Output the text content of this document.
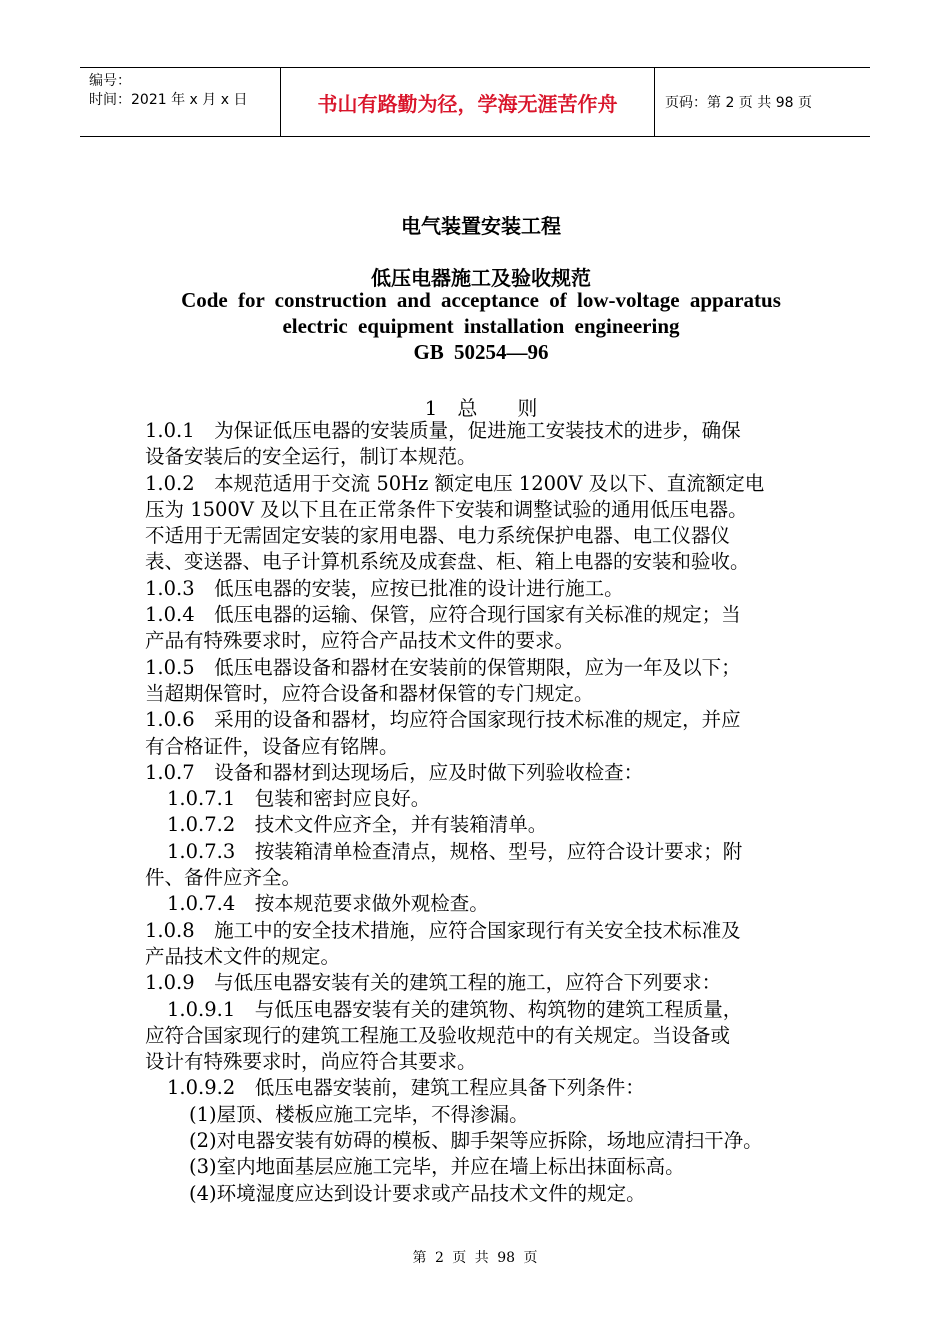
编号：
时间：2021 年 x 月 x 日	书山有路勤为径，学海无涯苦作舟	页码：第 2 页 共 98 页
电气装置安装工程
低压电器施工及验收规范
Code for construction and acceptance of low-voltage apparatus
electric equipment installation engineering
GB 50254—96
1　总　　则

1.0.1　为保证低压电器的安装质量，促进施工安装技术的进步，确保

设备安装后的安全运行，制订本规范。

1.0.2　本规范适用于交流 50Hz 额定电压 1200V 及以下、直流额定电

压为 1500V 及以下且在正常条件下安装和调整试验的通用低压电器。

不适用于无需固定安装的家用电器、电力系统保护电器、电工仪器仪

表、变送器、电子计算机系统及成套盘、柜、箱上电器的安装和验收。

1.0.3　低压电器的安装，应按已批准的设计进行施工。

1.0.4　低压电器的运输、保管，应符合现行国家有关标准的规定；当

产品有特殊要求时，应符合产品技术文件的要求。

1.0.5　低压电器设备和器材在安装前的保管期限，应为一年及以下；

当超期保管时，应符合设备和器材保管的专门规定。

1.0.6　采用的设备和器材，均应符合国家现行技术标准的规定，并应

有合格证件，设备应有铭牌。

1.0.7　设备和器材到达现场后，应及时做下列验收检查：

1.0.7.1　包装和密封应良好。

1.0.7.2　技术文件应齐全，并有装箱清单。

1.0.7.3　按装箱清单检查清点，规格、型号，应符合设计要求；附

件、备件应齐全。

1.0.7.4　按本规范要求做外观检查。

1.0.8　施工中的安全技术措施，应符合国家现行有关安全技术标准及

产品技术文件的规定。

1.0.9　与低压电器安装有关的建筑工程的施工，应符合下列要求：

1.0.9.1　与低压电器安装有关的建筑物、构筑物的建筑工程质量，

应符合国家现行的建筑工程施工及验收规范中的有关规定。当设备或

设计有特殊要求时，尚应符合其要求。

1.0.9.2　低压电器安装前，建筑工程应具备下列条件：

(1)屋顶、楼板应施工完毕，不得渗漏。

(2)对电器安装有妨碍的模板、脚手架等应拆除，场地应清扫干净。

(3)室内地面基层应施工完毕，并应在墙上标出抹面标高。

(4)环境湿度应达到设计要求或产品技术文件的规定。

第 2 页 共 98 页
